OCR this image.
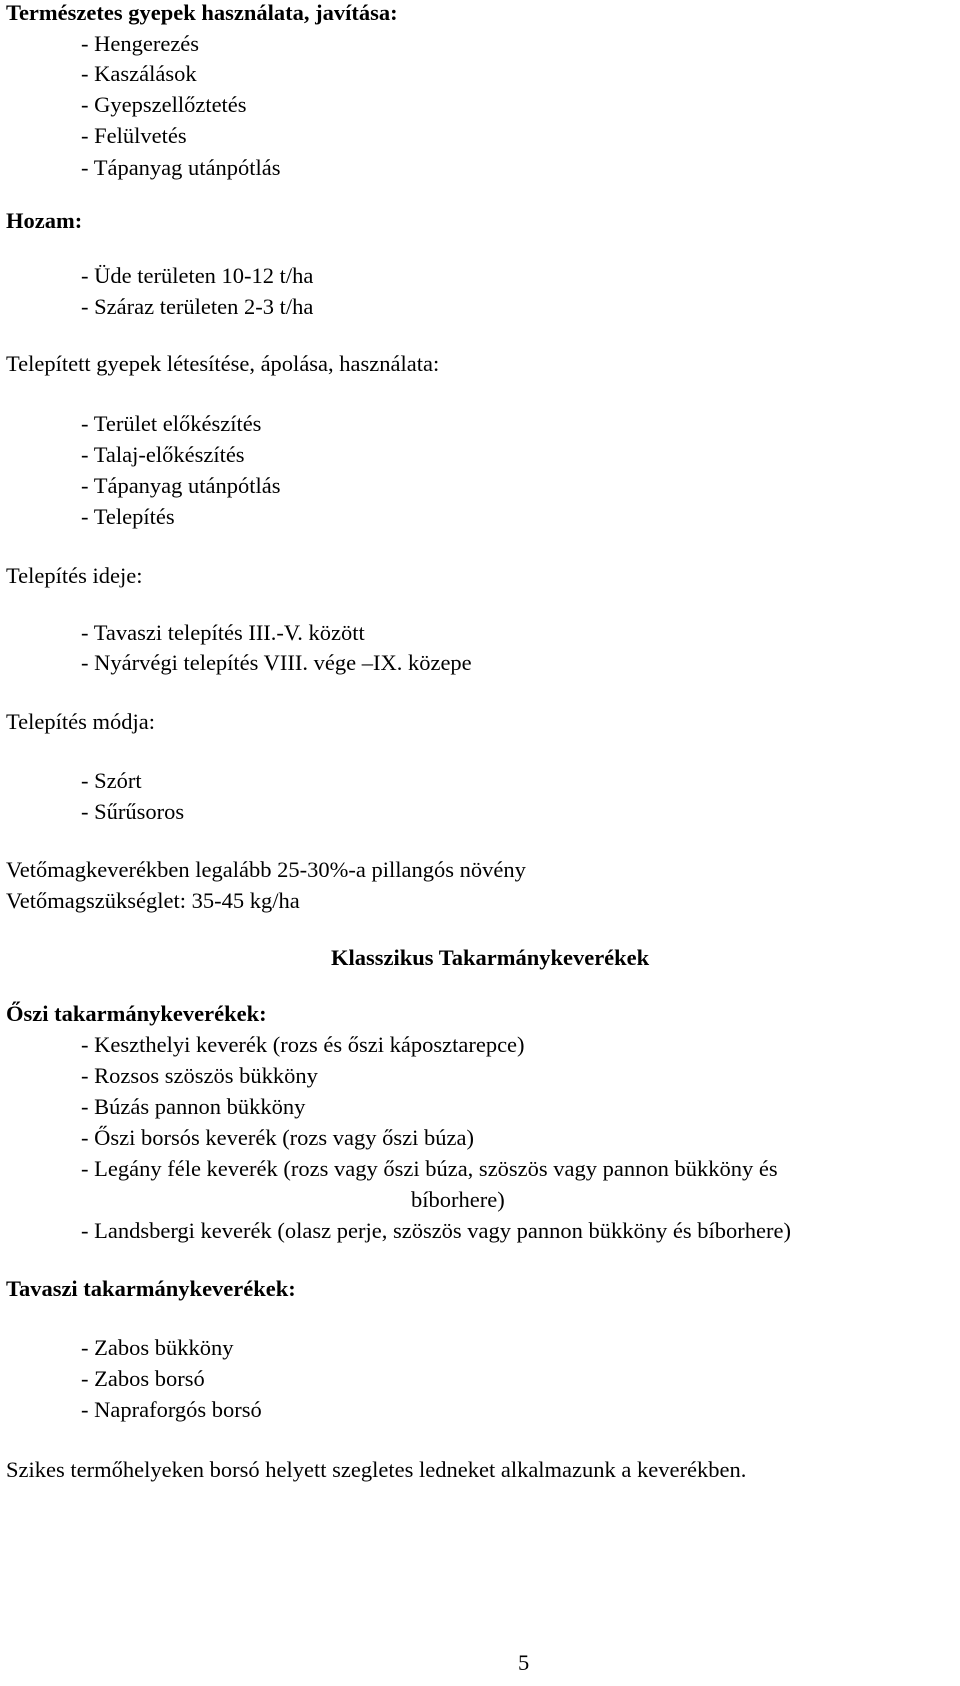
Természetes gyepek használata, javítása:

- Hengerezés

- Kaszálások

- Gyepszellőztetés

- Felülvetés

- Tápanyag utánpótlás

Hozam:

- Üde területen 10-12 t/ha

- Száraz területen 2-3 t/ha

Telepített gyepek létesítése, ápolása, használata:

- Terület előkészítés

- Talaj-előkészítés

- Tápanyag utánpótlás

- Telepítés

Telepítés ideje:

- Tavaszi telepítés III.-V. között

- Nyárvégi telepítés VIII. vége –IX. közepe

Telepítés módja:

- Szórt

- Sűrűsoros

Vetőmagkeverékben legalább 25-30%-a pillangós növény

Vetőmagszükséglet: 35-45 kg/ha

Klasszikus Takarmánykeverékek

Őszi takarmánykeverékek:

- Keszthelyi keverék (rozs és őszi káposztarepce)

- Rozsos szöszös bükköny

- Búzás pannon bükköny

- Őszi borsós keverék (rozs vagy őszi búza)

- Legány féle keverék (rozs vagy őszi búza, szöszös vagy pannon bükköny és

bíborhere)

- Landsbergi keverék (olasz perje, szöszös vagy pannon bükköny és bíborhere)

Tavaszi takarmánykeverékek:

- Zabos bükköny

- Zabos borsó

- Napraforgós borsó

Szikes termőhelyeken borsó helyett szegletes ledneket alkalmazunk a keverékben.

5
